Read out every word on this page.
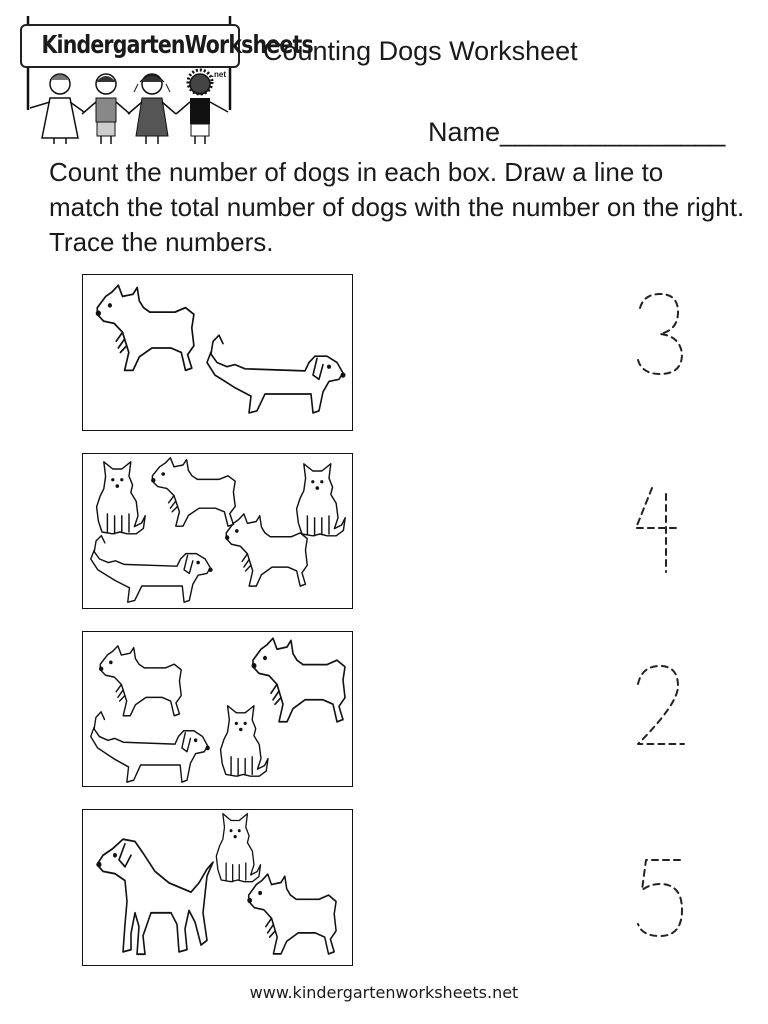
KindergartenWorksheets
.net
Counting Dogs Worksheet
Name_______________
Count the number of dogs in each box. Draw a line to
match the total number of dogs with the number on the right.
Trace the numbers.
www.kindergartenworksheets.net
